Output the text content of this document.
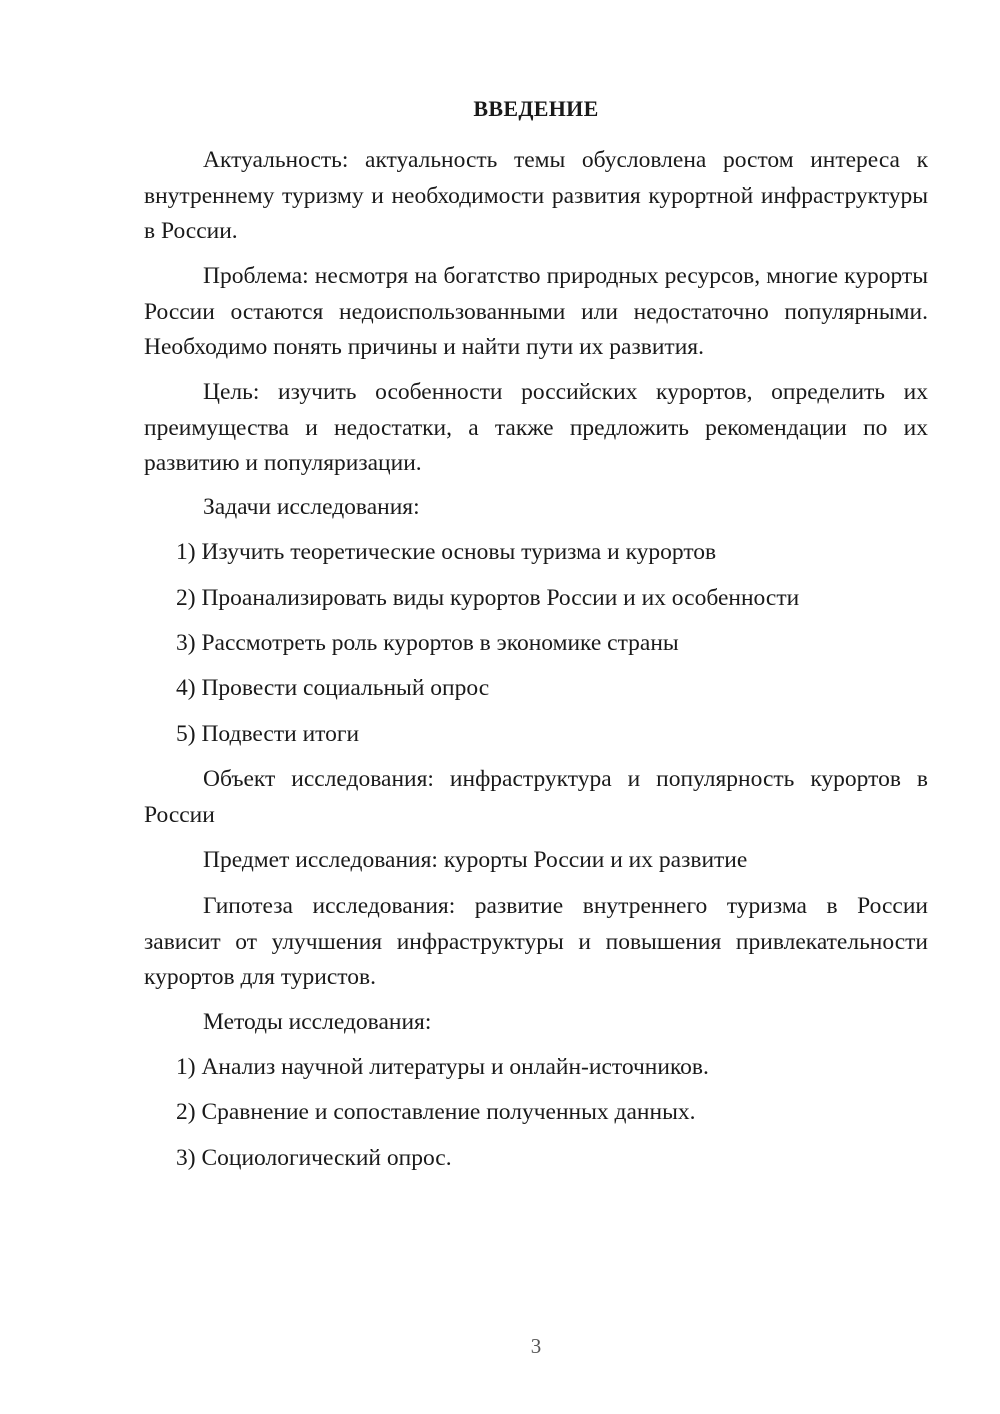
ВВЕДЕНИЕ

Актуальность: актуальность темы обусловлена ростом интереса к внутреннему туризму и необходимости развития курортной инфраструктуры в России.

Проблема: несмотря на богатство природных ресурсов, многие курорты России остаются недоиспользованными или недостаточно популярными. Необходимо понять причины и найти пути их развития.

Цель: изучить особенности российских курортов, определить их преимущества и недостатки, а также предложить рекомендации по их развитию и популяризации.

Задачи исследования:

1) Изучить теоретические основы туризма и курортов

2) Проанализировать виды курортов России и их особенности

3) Рассмотреть роль курортов в экономике страны

4) Провести социальный опрос

5) Подвести итоги

Объект исследования: инфраструктура и популярность курортов в России

Предмет исследования: курорты России и их развитие

Гипотеза исследования: развитие внутреннего туризма в России зависит от улучшения инфраструктуры и повышения привлекательности курортов для туристов.

Методы исследования:

1) Анализ научной литературы и онлайн-источников.

2) Сравнение и сопоставление полученных данных.

3) Социологический опрос.

3
